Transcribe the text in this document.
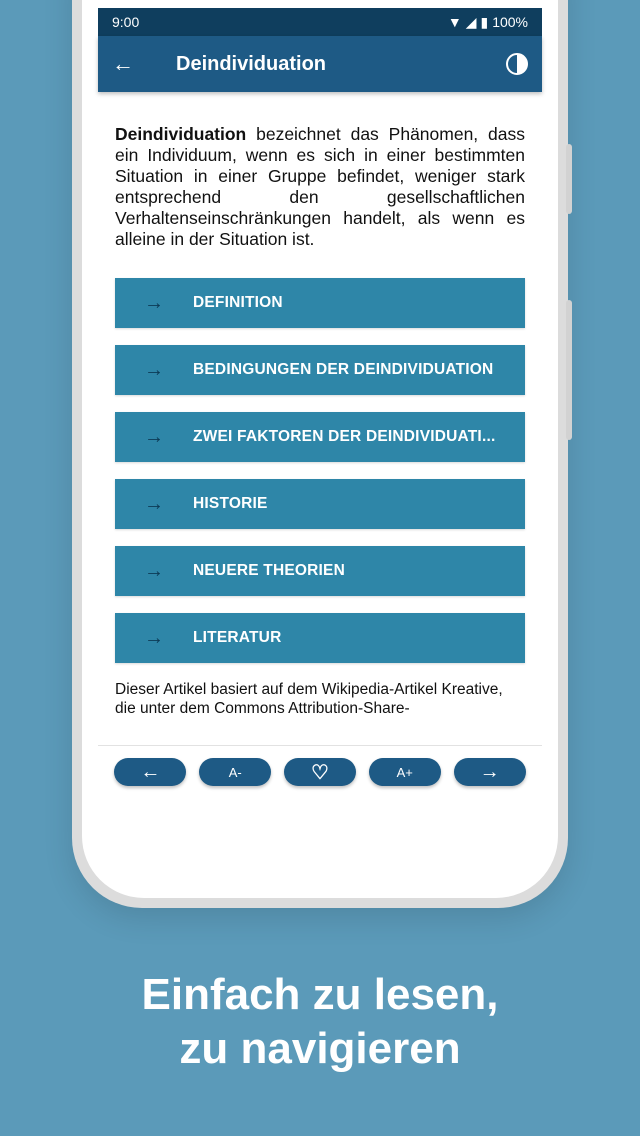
9:00	▼ ◢ ▮ 100%
←	Deindividuation

Deindividuation bezeichnet das Phänomen, dass ein Individuum, wenn es sich in einer bestimmten Situation in einer Gruppe befindet, weniger stark entsprechend den gesellschaftlichen Verhaltenseinschränkungen handelt, als wenn es alleine in der Situation ist.

→	DEFINITION
→	BEDINGUNGEN DER DEINDIVIDUATION
→	ZWEI FAKTOREN DER DEINDIVIDUATI...
→	HISTORIE
→	NEUERE THEORIEN
→	LITERATUR
Dieser Artikel basiert auf dem Wikipedia-Artikel Kreative, die unter dem Commons Attribution-Share-
←	A-	♡	A+	→
Einfach zu lesen,
zu navigieren
